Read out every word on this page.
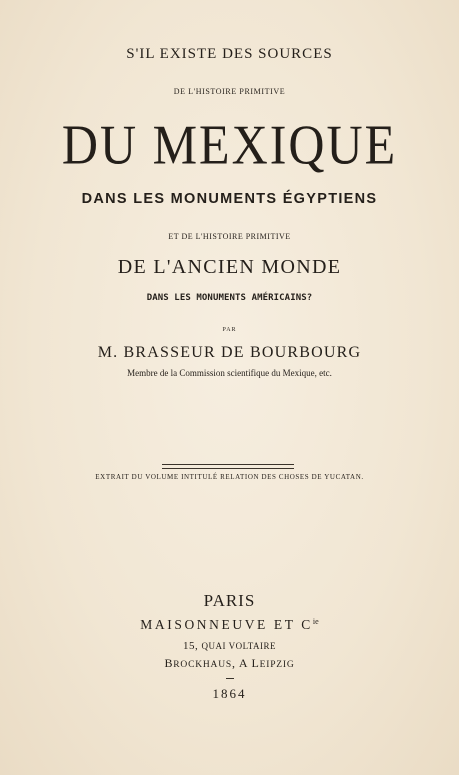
S'IL EXISTE DES SOURCES
DE L'HISTOIRE PRIMITIVE
DU MEXIQUE
DANS LES MONUMENTS ÉGYPTIENS
ET DE L'HISTOIRE PRIMITIVE
DE L'ANCIEN MONDE
DANS LES MONUMENTS AMÉRICAINS?
PAR
M. BRASSEUR DE BOURBOURG
Membre de la Commission scientifique du Mexique, etc.
EXTRAIT DU VOLUME INTITULÉ RELATION DES CHOSES DE YUCATAN.
PARIS
MAISONNEUVE ET $C^{ie}$
15, QUAI VOLTAIRE
BROCKHAUS, A LEIPZIG
1864
